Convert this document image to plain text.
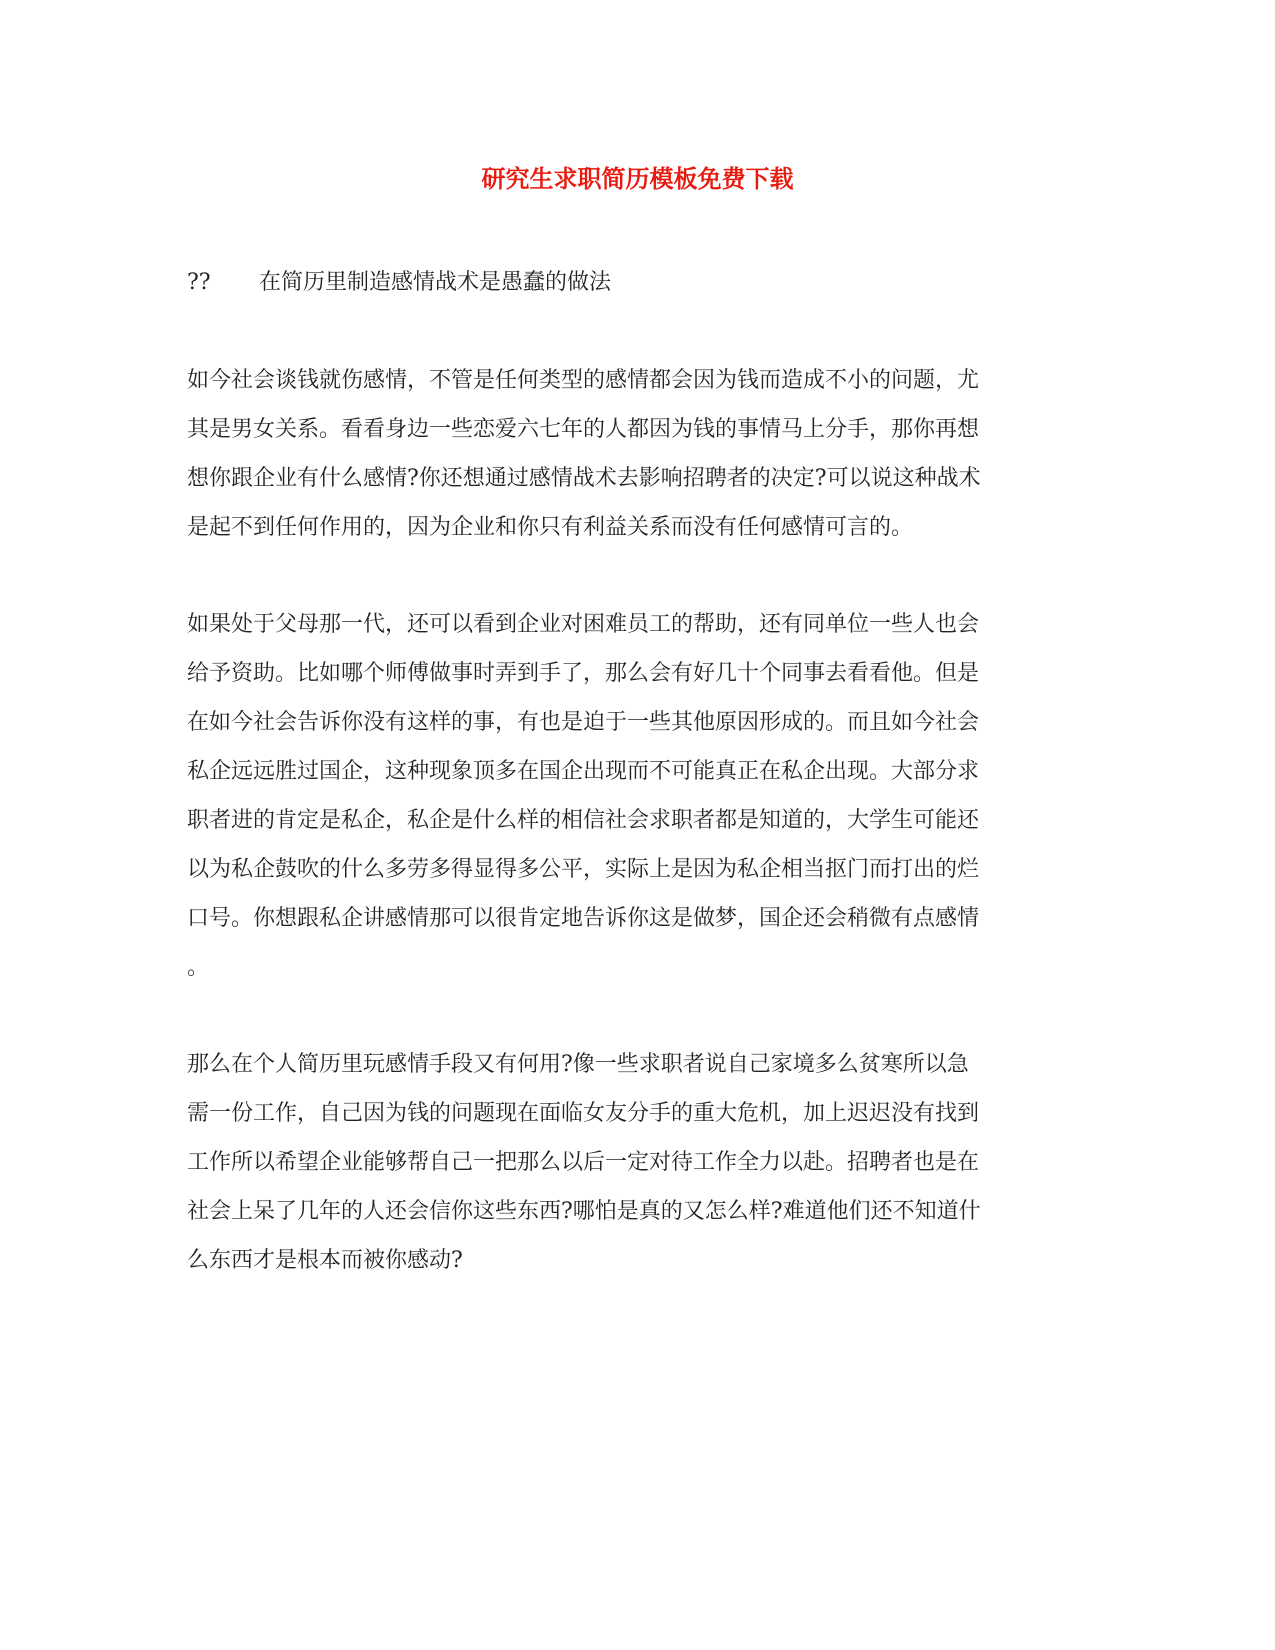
研究生求职简历模板免费下载
?? 在简历里制造感情战术是愚蠢的做法
如今社会谈钱就伤感情，不管是任何类型的感情都会因为钱而造成不小的问题，尤
其是男女关系。看看身边一些恋爱六七年的人都因为钱的事情马上分手，那你再想
想你跟企业有什么感情?你还想通过感情战术去影响招聘者的决定?可以说这种战术
是起不到任何作用的，因为企业和你只有利益关系而没有任何感情可言的。
如果处于父母那一代，还可以看到企业对困难员工的帮助，还有同单位一些人也会
给予资助。比如哪个师傅做事时弄到手了，那么会有好几十个同事去看看他。但是
在如今社会告诉你没有这样的事，有也是迫于一些其他原因形成的。而且如今社会
私企远远胜过国企，这种现象顶多在国企出现而不可能真正在私企出现。大部分求
职者进的肯定是私企，私企是什么样的相信社会求职者都是知道的，大学生可能还
以为私企鼓吹的什么多劳多得显得多公平，实际上是因为私企相当抠门而打出的烂
口号。你想跟私企讲感情那可以很肯定地告诉你这是做梦，国企还会稍微有点感情
。
那么在个人简历里玩感情手段又有何用?像一些求职者说自己家境多么贫寒所以急
需一份工作，自己因为钱的问题现在面临女友分手的重大危机，加上迟迟没有找到
工作所以希望企业能够帮自己一把那么以后一定对待工作全力以赴。招聘者也是在
社会上呆了几年的人还会信你这些东西?哪怕是真的又怎么样?难道他们还不知道什
么东西才是根本而被你感动?
